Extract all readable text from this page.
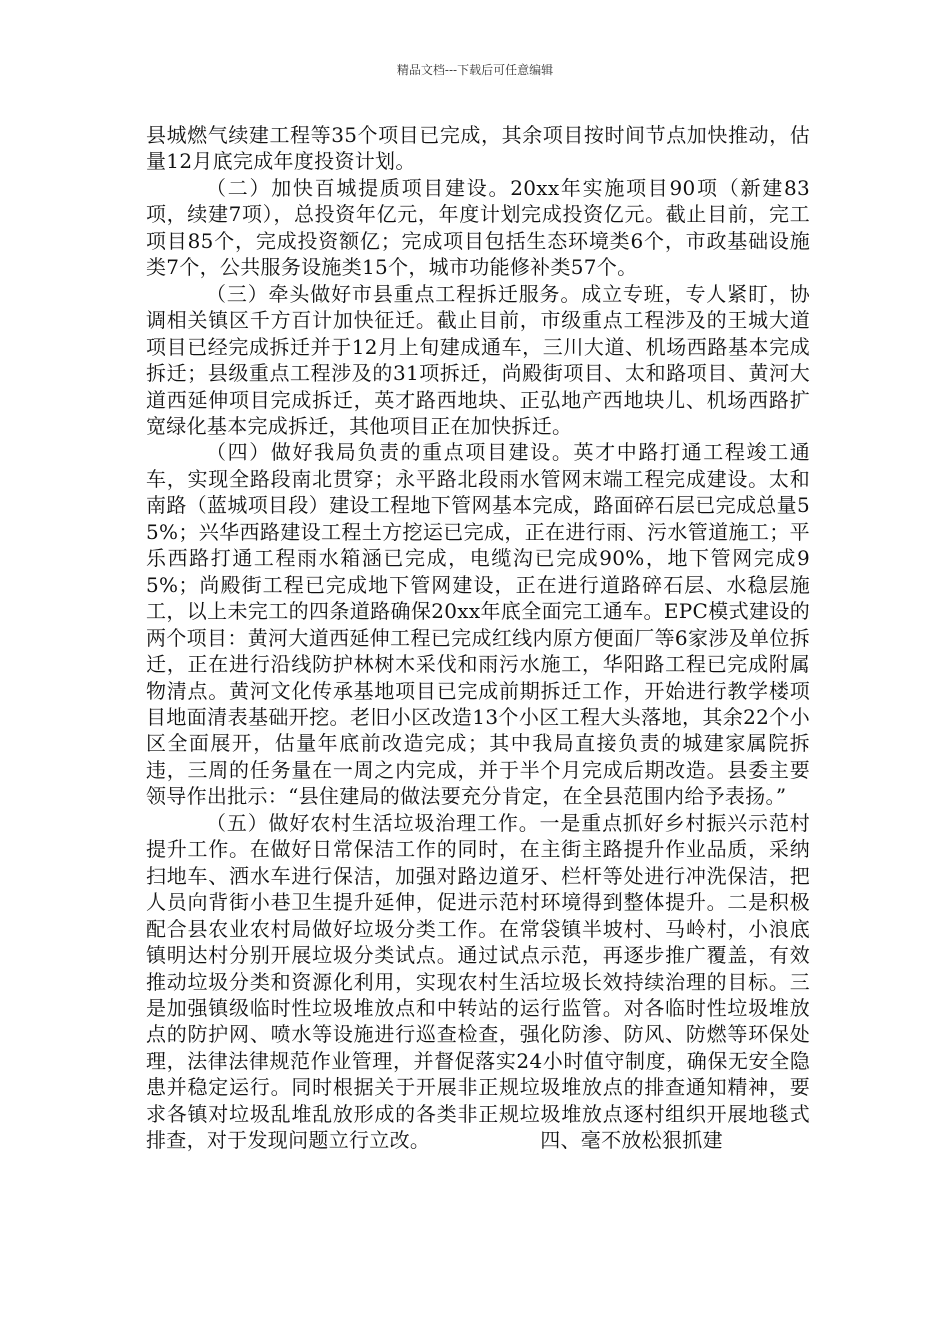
精品文档---下载后可任意编辑

县城燃气续建工程等35个项目已完成，其余项目按时间节点加快推动，估量12月底完成年度投资计划。

（二）加快百城提质项目建设。20xx年实施项目90项（新建83项，续建7项），总投资年亿元，年度计划完成投资亿元。截止目前，完工项目85个，完成投资额亿；完成项目包括生态环境类6个，市政基础设施类7个，公共服务设施类15个，城市功能修补类57个。

（三）牵头做好市县重点工程拆迁服务。成立专班，专人紧盯，协调相关镇区千方百计加快征迁。截止目前，市级重点工程涉及的王城大道项目已经完成拆迁并于12月上旬建成通车，三川大道、机场西路基本完成拆迁；县级重点工程涉及的31项拆迁，尚殿街项目、太和路项目、黄河大道西延伸项目完成拆迁，英才路西地块、正弘地产西地块儿、机场西路扩宽绿化基本完成拆迁，其他项目正在加快拆迁。

（四）做好我局负责的重点项目建设。英才中路打通工程竣工通车，实现全路段南北贯穿；永平路北段雨水管网末端工程完成建设。太和南路（蓝城项目段）建设工程地下管网基本完成，路面碎石层已完成总量55%；兴华西路建设工程土方挖运已完成，正在进行雨、污水管道施工；平乐西路打通工程雨水箱涵已完成，电缆沟已完成90%，地下管网完成95%；尚殿街工程已完成地下管网建设，正在进行道路碎石层、水稳层施工，以上未完工的四条道路确保20xx年底全面完工通车。EPC模式建设的两个项目：黄河大道西延伸工程已完成红线内原方便面厂等6家涉及单位拆迁，正在进行沿线防护林树木采伐和雨污水施工，华阳路工程已完成附属物清点。黄河文化传承基地项目已完成前期拆迁工作，开始进行教学楼项目地面清表基础开挖。老旧小区改造13个小区工程大头落地，其余22个小区全面展开，估量年底前改造完成；其中我局直接负责的城建家属院拆违，三周的任务量在一周之内完成，并于半个月完成后期改造。县委主要领导作出批示：“县住建局的做法要充分肯定，在全县范围内给予表扬。”

（五）做好农村生活垃圾治理工作。一是重点抓好乡村振兴示范村提升工作。在做好日常保洁工作的同时，在主街主路提升作业品质，采纳扫地车、洒水车进行保洁，加强对路边道牙、栏杆等处进行冲洗保洁，把人员向背街小巷卫生提升延伸，促进示范村环境得到整体提升。二是积极配合县农业农村局做好垃圾分类工作。在常袋镇半坡村、马岭村，小浪底镇明达村分别开展垃圾分类试点。通过试点示范，再逐步推广覆盖，有效推动垃圾分类和资源化利用，实现农村生活垃圾长效持续治理的目标。三是加强镇级临时性垃圾堆放点和中转站的运行监管。对各临时性垃圾堆放点的防护网、喷水等设施进行巡查检查，强化防渗、防风、防燃等环保处理，法律法律规范作业管理，并督促落实24小时值守制度，确保无安全隐患并稳定运行。同时根据关于开展非正规垃圾堆放点的排查通知精神，要求各镇对垃圾乱堆乱放形成的各类非正规垃圾堆放点逐村组织开展地毯式排查，对于发现问题立行立改。	四、毫不放松狠抓建
